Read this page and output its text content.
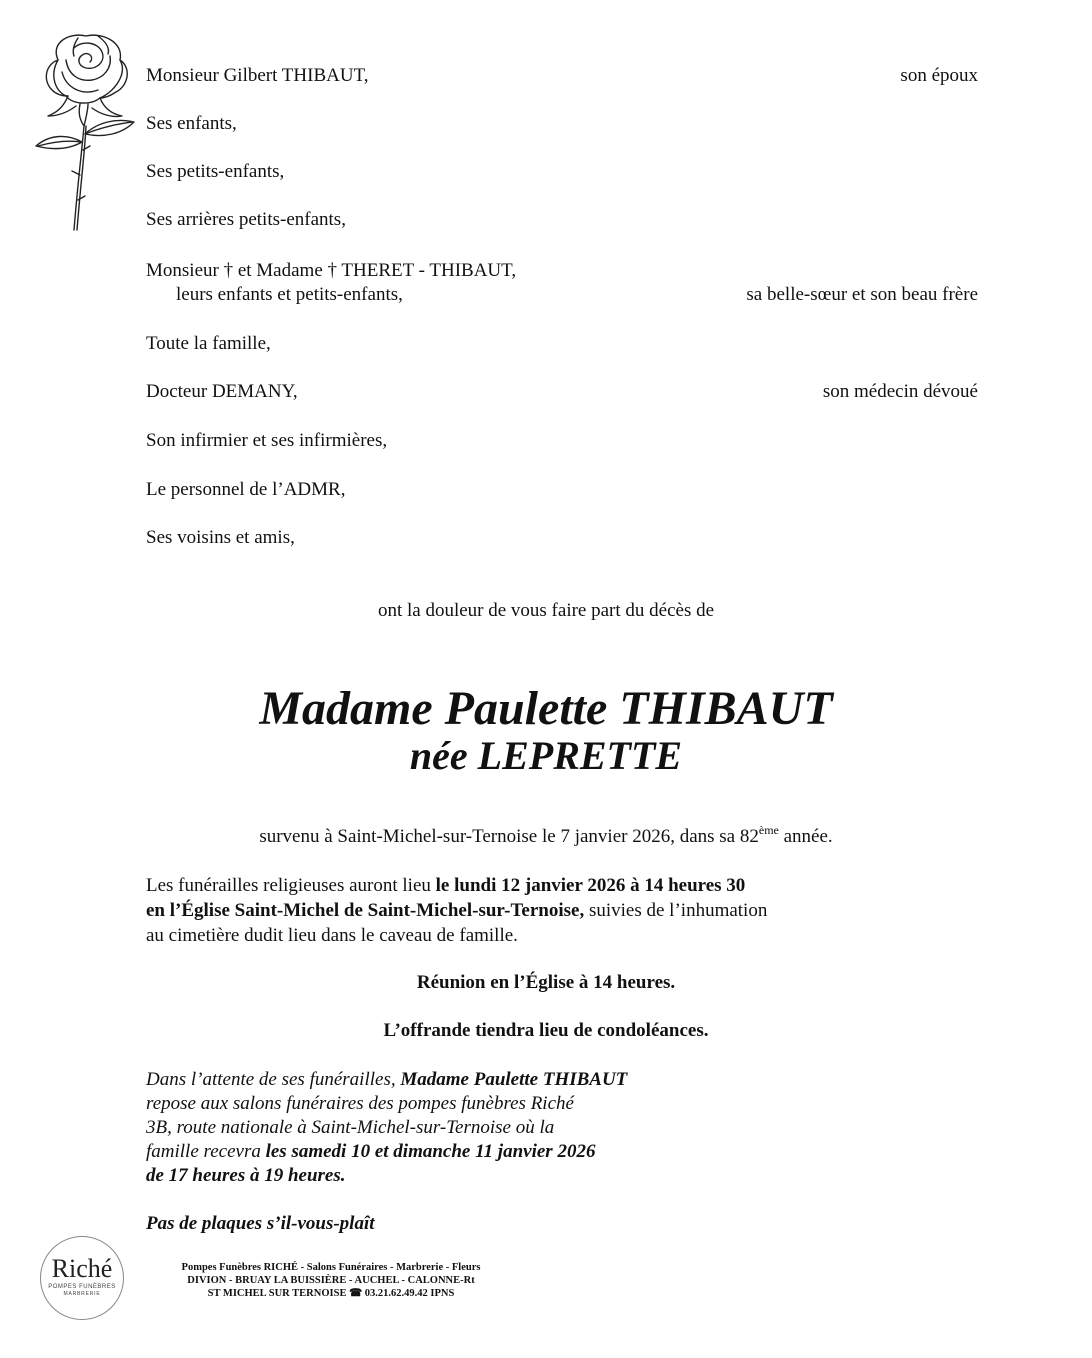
Monsieur Gilbert THIBAUT,	son époux
Ses enfants,
Ses petits-enfants,
Ses arrières petits-enfants,
Monsieur † et Madame † THERET - THIBAUT,
leurs enfants et petits-enfants,	sa belle-sœur et son beau frère
Toute la famille,
Docteur DEMANY,	son médecin dévoué
Son infirmier et ses infirmières,
Le personnel de l’ADMR,
Ses voisins et amis,
ont la douleur de vous faire part du décès de
Madame Paulette THIBAUT
née LEPRETTE
survenu à Saint-Michel-sur-Ternoise le 7 janvier 2026, dans sa 82ème année.
Les funérailles religieuses auront lieu le lundi 12 janvier 2026 à 14 heures 30
en l’Église Saint-Michel de Saint-Michel-sur-Ternoise, suivies de l’inhumation
au cimetière dudit lieu dans le caveau de famille.
Réunion en l’Église à 14 heures.
L’offrande tiendra lieu de condoléances.
Dans l’attente de ses funérailles, Madame Paulette THIBAUT
repose aux salons funéraires des pompes funèbres Riché
3B, route nationale à Saint-Michel-sur-Ternoise où la
famille recevra les samedi 10 et dimanche 11 janvier 2026
de 17 heures à 19 heures.
Pas de plaques s’il-vous-plaît
Riché
POMPES FUNÈBRES
MARBRERIE
Pompes Funèbres RICHÉ - Salons Funéraires - Marbrerie - Fleurs
DIVION - BRUAY LA BUISSIÈRE - AUCHEL - CALONNE-Rt
ST MICHEL SUR TERNOISE ☎ 03.21.62.49.42 IPNS
